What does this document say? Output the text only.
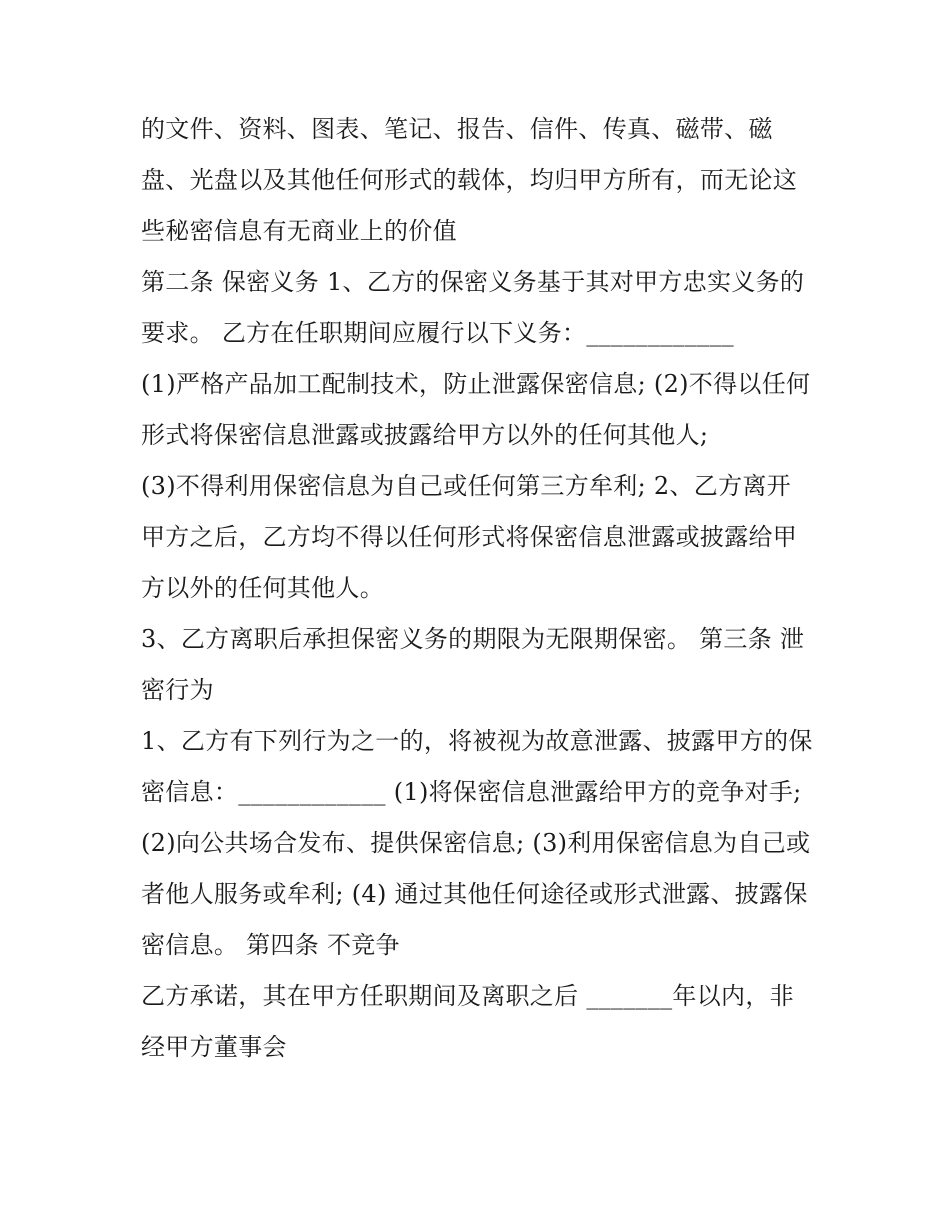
的文件、资料、图表、笔记、报告、信件、传真、磁带、磁盘、光盘以及其他任何形式的载体，均归甲方所有，而无论这些秘密信息有无商业上的价值

第二条 保密义务 1、乙方的保密义务基于其对甲方忠实义务的要求。 乙方在任职期间应履行以下义务：____________

(1)严格产品加工配制技术，防止泄露保密信息; (2)不得以任何形式将保密信息泄露或披露给甲方以外的任何其他人;

(3)不得利用保密信息为自己或任何第三方牟利; 2、乙方离开甲方之后，乙方均不得以任何形式将保密信息泄露或披露给甲方以外的任何其他人。

3、乙方离职后承担保密义务的期限为无限期保密。 第三条 泄密行为

1、乙方有下列行为之一的，将被视为故意泄露、披露甲方的保密信息：____________ (1)将保密信息泄露给甲方的竞争对手;

(2)向公共场合发布、提供保密信息; (3)利用保密信息为自己或者他人服务或牟利; (4) 通过其他任何途径或形式泄露、披露保密信息。 第四条 不竞争

乙方承诺，其在甲方任职期间及离职之后 _______年以内，非经甲方董事会
